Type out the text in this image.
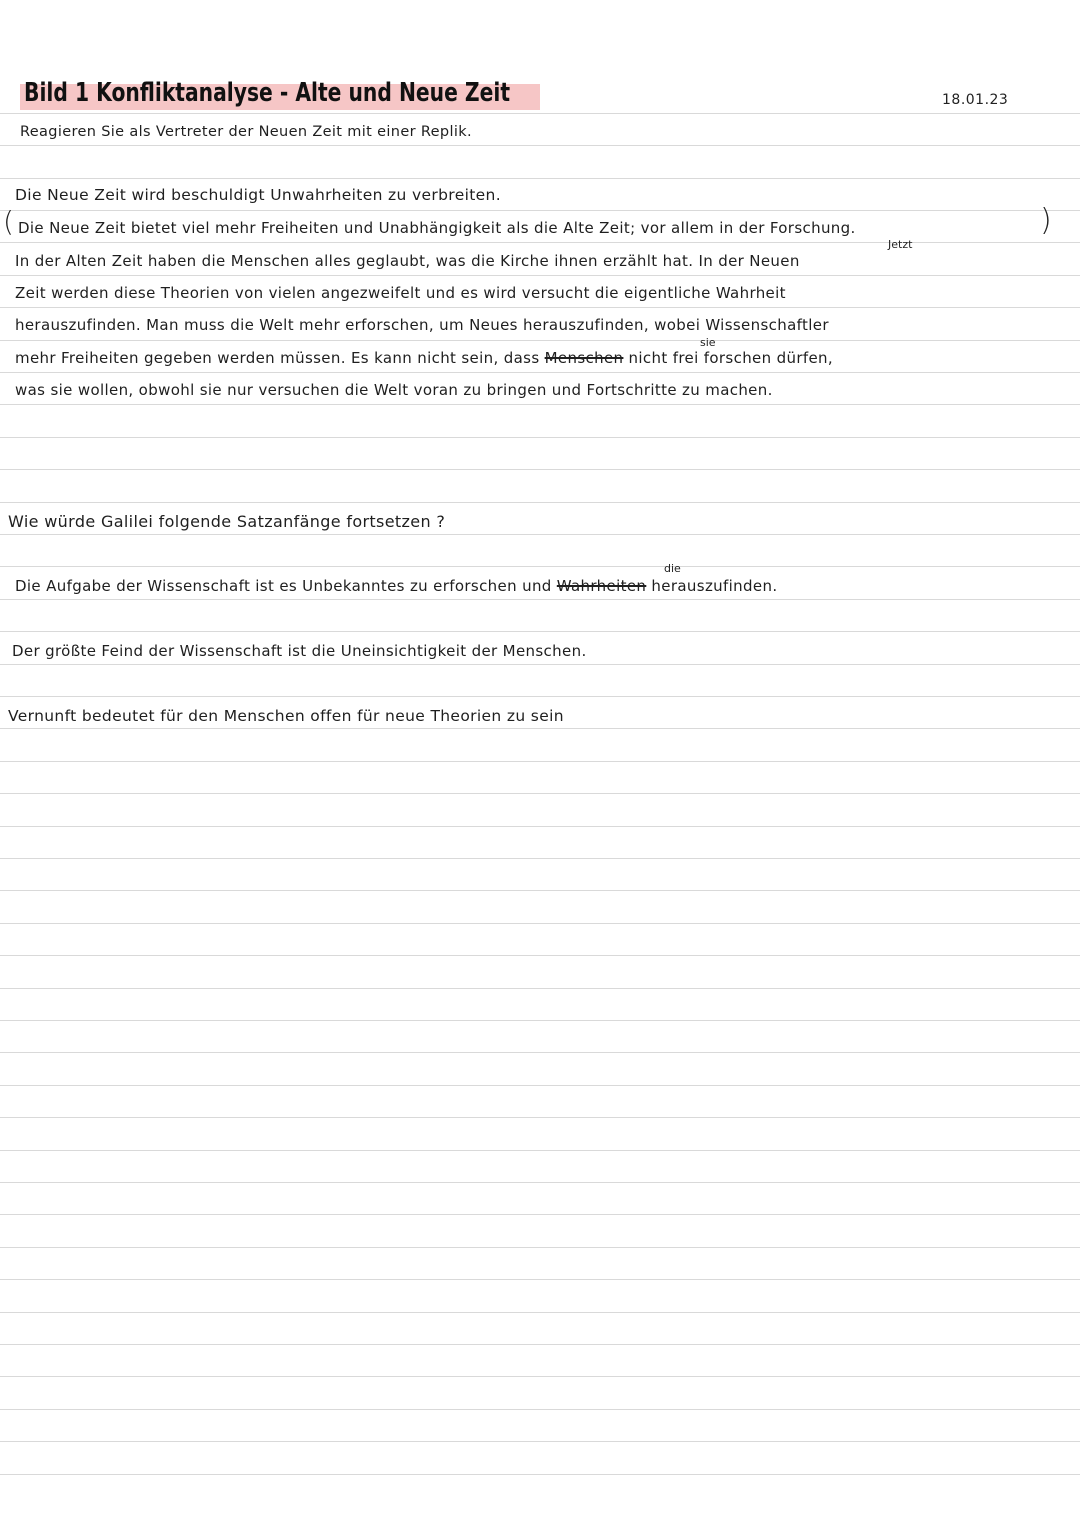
Bild 1 Konfliktanalyse - Alte und Neue Zeit	18.01.23
Reagieren Sie als Vertreter der Neuen Zeit mit einer Replik.
Die Neue Zeit wird beschuldigt Unwahrheiten zu verbreiten.
( Die Neue Zeit bietet viel mehr Freiheiten und Unabhängigkeit als die Alte Zeit; vor allem in der Forschung.	)
Jetzt
In der Alten Zeit haben die Menschen alles geglaubt, was die Kirche ihnen erzählt hat. In der Neuen
Zeit werden diese Theorien von vielen angezweifelt und es wird versucht die eigentliche Wahrheit
herauszufinden. Man muss die Welt mehr erforschen, um Neues herauszufinden, wobei Wissenschaftler
sie
mehr Freiheiten gegeben werden müssen. Es kann nicht sein, dass Menschen nicht frei forschen dürfen,
was sie wollen, obwohl sie nur versuchen die Welt voran zu bringen und Fortschritte zu machen.
Wie würde Galilei folgende Satzanfänge fortsetzen ?
die
Die Aufgabe der Wissenschaft ist es Unbekanntes zu erforschen und Wahrheiten herauszufinden.
Der größte Feind der Wissenschaft ist die Uneinsichtigkeit der Menschen.
Vernunft bedeutet für den Menschen offen für neue Theorien zu sein
